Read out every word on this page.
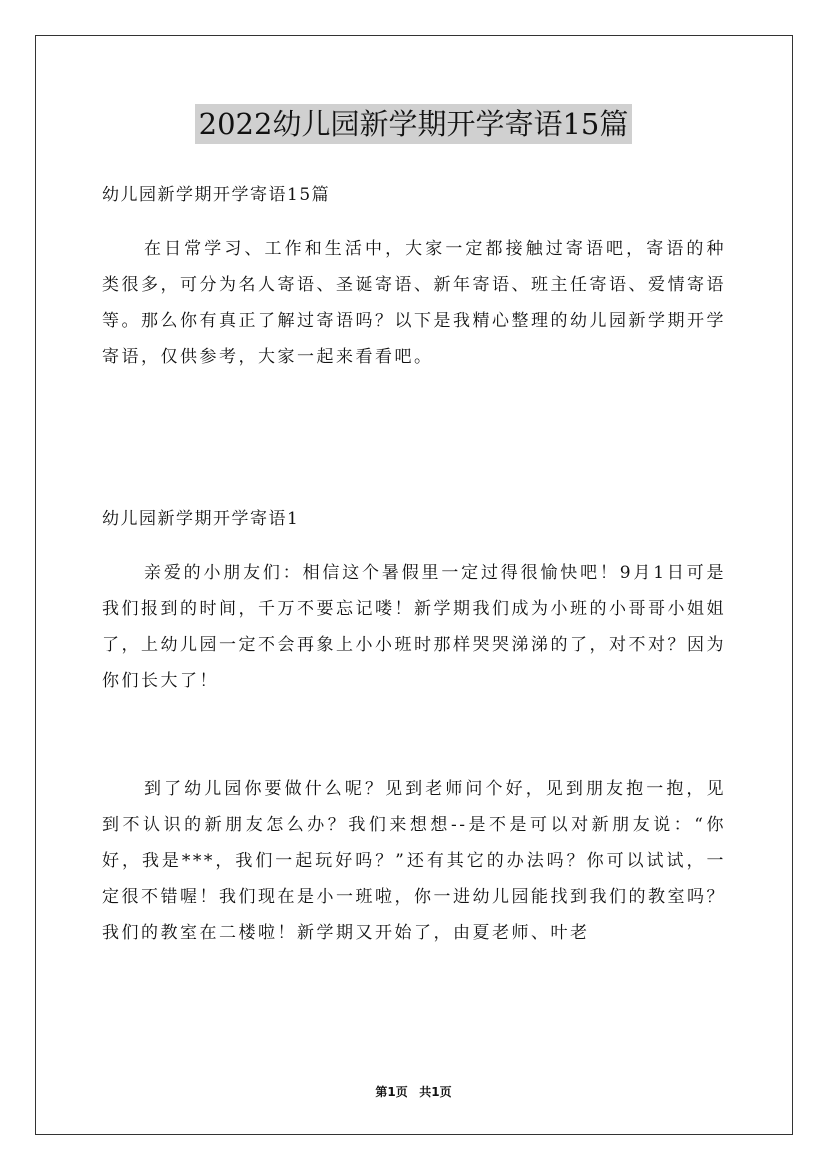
2022幼儿园新学期开学寄语15篇

幼儿园新学期开学寄语15篇

在日常学习、工作和生活中，大家一定都接触过寄语吧，寄语的种类很多，可分为名人寄语、圣诞寄语、新年寄语、班主任寄语、爱情寄语等。那么你有真正了解过寄语吗？以下是我精心整理的幼儿园新学期开学寄语，仅供参考，大家一起来看看吧。

幼儿园新学期开学寄语1

亲爱的小朋友们：相信这个暑假里一定过得很愉快吧！9月1日可是我们报到的时间，千万不要忘记喽！新学期我们成为小班的小哥哥小姐姐了，上幼儿园一定不会再象上小小班时那样哭哭涕涕的了，对不对？因为你们长大了！

到了幼儿园你要做什么呢？见到老师问个好，见到朋友抱一抱，见到不认识的新朋友怎么办？我们来想想--是不是可以对新朋友说：“你好，我是***，我们一起玩好吗？”还有其它的办法吗？你可以试试，一定很不错喔！我们现在是小一班啦，你一进幼儿园能找到我们的教室吗？我们的教室在二楼啦！新学期又开始了，由夏老师、叶老

第1页 共1页
